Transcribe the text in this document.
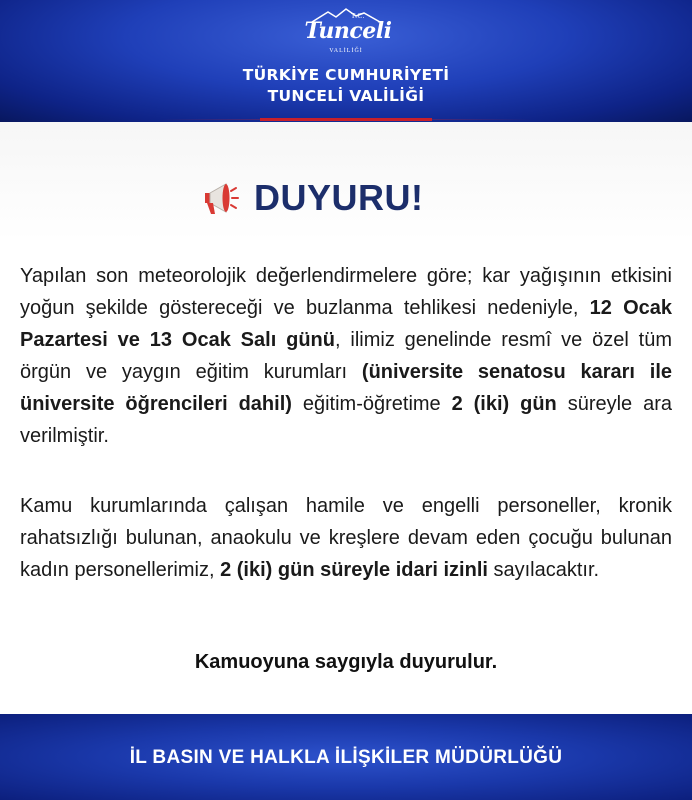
T.C.
Tunceli
VALİLİĞİ
TÜRKİYE CUMHURİYETİ
TUNCELİ VALİLİĞİ
DUYURU!
Yapılan son meteorolojik değerlendirmelere göre; kar yağışının etkisini yoğun şekilde göstereceği ve buzlanma tehlikesi nedeniyle, 12 Ocak Pazartesi ve 13 Ocak Salı günü, ilimiz genelinde resmî ve özel tüm örgün ve yaygın eğitim kurumları (üniversite senatosu kararı ile üniversite öğrencileri dahil) eğitim-öğretime 2 (iki) gün süreyle ara verilmiştir.
Kamu kurumlarında çalışan hamile ve engelli personeller, kronik rahatsızlığı bulunan, anaokulu ve kreşlere devam eden çocuğu bulunan kadın personellerimiz, 2 (iki) gün süreyle idari izinli sayılacaktır.
Kamuoyuna saygıyla duyurulur.
İL BASIN VE HALKLA İLİŞKİLER MÜDÜRLÜĞÜ
